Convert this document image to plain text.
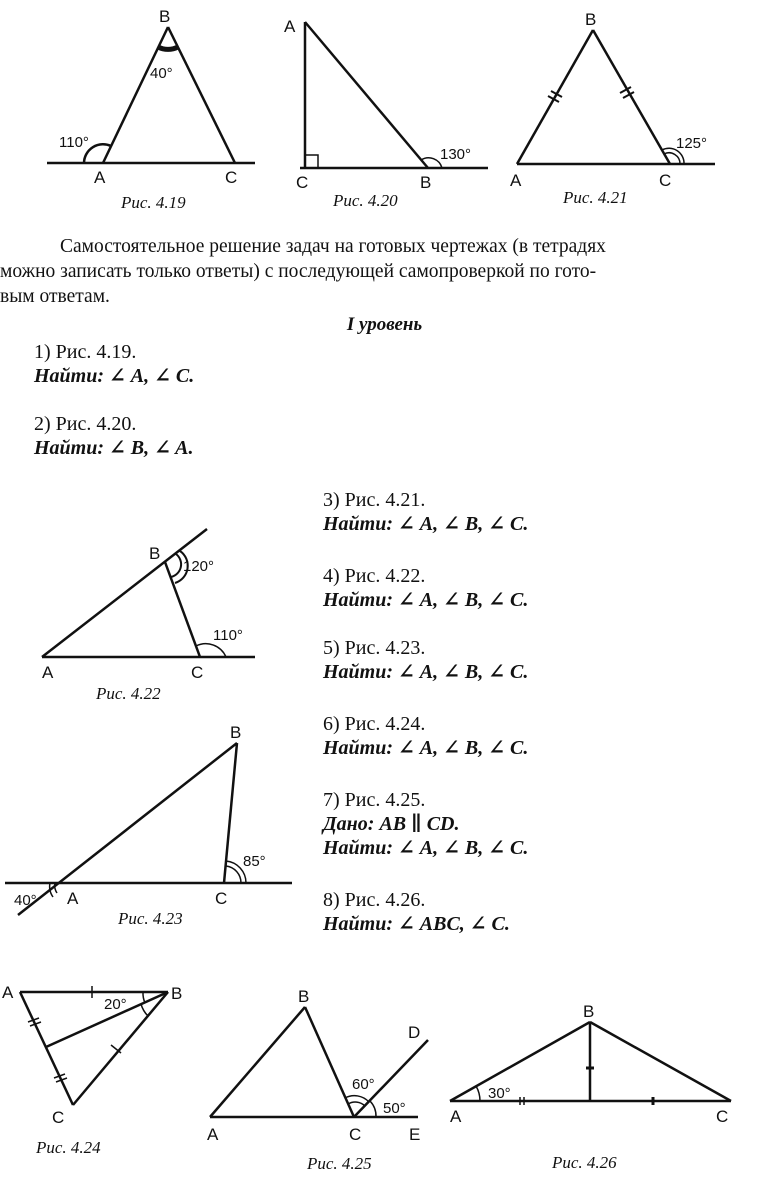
B
A	C
110°
40°
Рис. 4.19
A
C	B
130°
Рис. 4.20
B
A	C
125°
Рис. 4.21

Самостоятельное решение задач на готовых чертежах (в тетрадях
можно записать только ответы) с последующей самопроверкой по гото-
вым ответам.

I уровень
1) Рис. 4.19.
Найти: ∠ A, ∠ C.
2) Рис. 4.20.
Найти: ∠ B, ∠ A.
3) Рис. 4.21.
Найти: ∠ A, ∠ B, ∠ C.
4) Рис. 4.22.
Найти: ∠ A, ∠ B, ∠ C.
5) Рис. 4.23.
Найти: ∠ A, ∠ B, ∠ C.
6) Рис. 4.24.
Найти: ∠ A, ∠ B, ∠ C.
7) Рис. 4.25.
Дано: AB ∥ CD.
Найти: ∠ A, ∠ B, ∠ C.
8) Рис. 4.26.
Найти: ∠ ABC, ∠ C.
B
A	C
120°
110°
Рис. 4.22
B
A	C
40°
85°
Рис. 4.23
A	B
C
20°
Рис. 4.24
B
A	C
D
E
60°
50°
Рис. 4.25
B
A	C
30°
Рис. 4.26
